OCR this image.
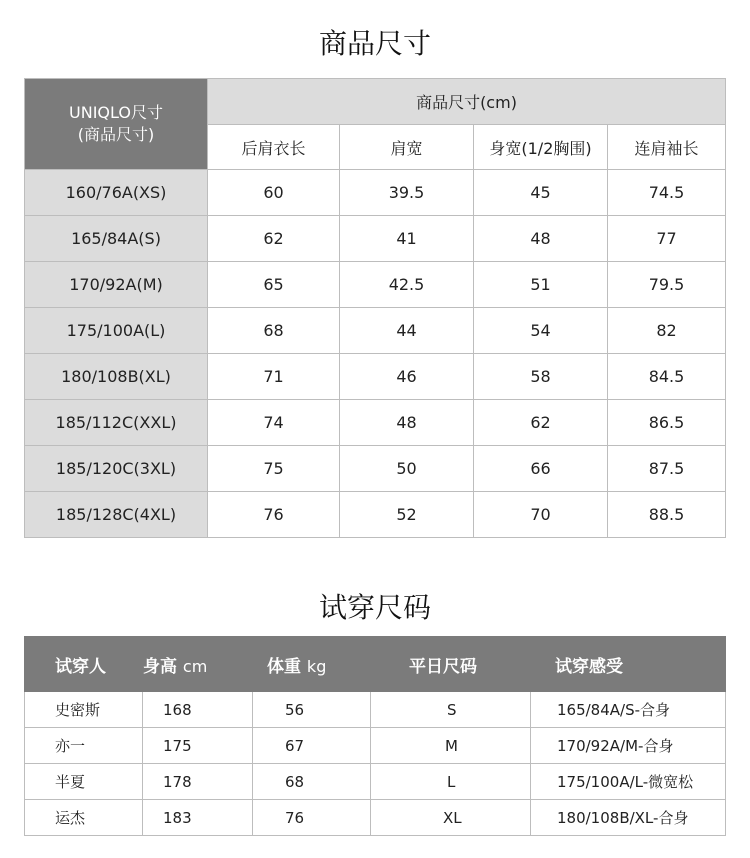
商品尺寸
UNIQLO尺寸
(商品尺寸)	商品尺寸(cm)			
	后肩衣长	肩宽	身宽(1/2胸围)	连肩袖长
160/76A(XS)	60	39.5	45	74.5
165/84A(S)	62	41	48	77
170/92A(M)	65	42.5	51	79.5
175/100A(L)	68	44	54	82
180/108B(XL)	71	46	58	84.5
185/112C(XXL)	74	48	62	86.5
185/120C(3XL)	75	50	66	87.5
185/128C(4XL)	76	52	70	88.5
试穿尺码
试穿人	身高 cm	体重 kg	平日尺码	试穿感受
史密斯	168	56	S	165/84A/S-合身
亦一	175	67	M	170/92A/M-合身
半夏	178	68	L	175/100A/L-微宽松
运杰	183	76	XL	180/108B/XL-合身
